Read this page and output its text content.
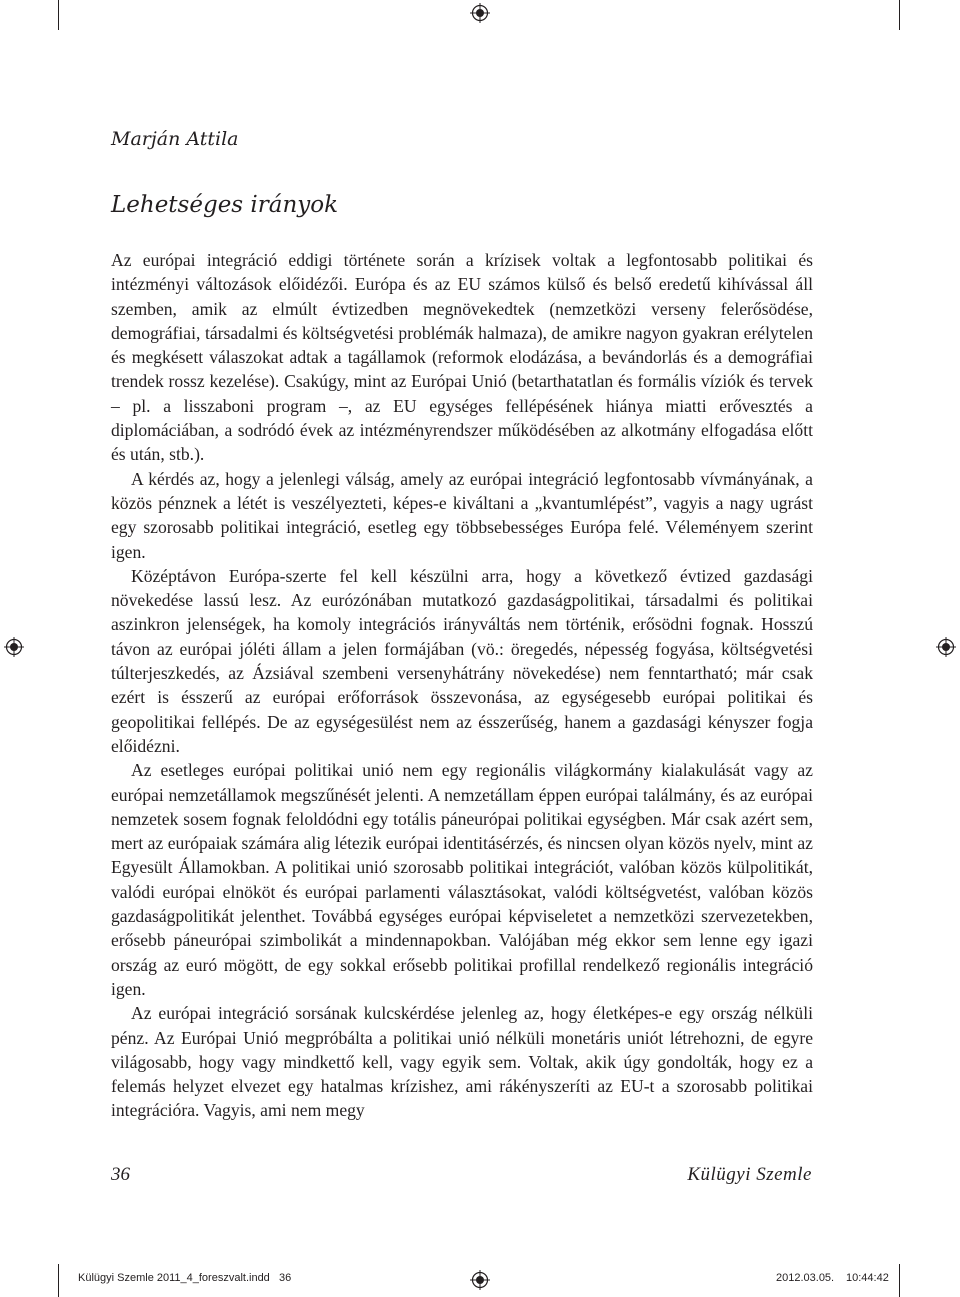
Marján Attila
Lehetséges irányok

Az európai integráció eddigi története során a krízisek voltak a legfontosabb politikai és intézményi változások előidézői. Európa és az EU számos külső és belső eredetű kihívással áll szemben, amik az elmúlt évtizedben megnövekedtek (nemzetközi verseny felerősödése, demográfiai, társadalmi és költségvetési problémák halmaza), de amikre nagyon gyakran erélytelen és megkésett válaszokat adtak a tagállamok (reformok elodázása, a bevándorlás és a demográfiai trendek rossz kezelése). Csakúgy, mint az Európai Unió (betarthatatlan és formális víziók és tervek – pl. a lisszaboni program –, az EU egységes fellépésének hiánya miatti erővesztés a diplomáciában, a sodródó évek az intézményrendszer működésében az alkotmány elfogadása előtt és után, stb.).

A kérdés az, hogy a jelenlegi válság, amely az európai integráció legfontosabb vívmányának, a közös pénznek a létét is veszélyezteti, képes-e kiváltani a „kvantumlépést”, vagyis a nagy ugrást egy szorosabb politikai integráció, esetleg egy többsebességes Európa felé. Véleményem szerint igen.

Középtávon Európa-szerte fel kell készülni arra, hogy a következő évtized gazdasági növekedése lassú lesz. Az eurózónában mutatkozó gazdaságpolitikai, társadalmi és politikai aszinkron jelenségek, ha komoly integrációs irányváltás nem történik, erősödni fognak. Hosszú távon az európai jóléti állam a jelen formájában (vö.: öregedés, népesség fogyása, költségvetési túlterjeszkedés, az Ázsiával szembeni versenyhátrány növekedése) nem fenntartható; már csak ezért is ésszerű az európai erőforrások összevonása, az egységesebb európai politikai és geopolitikai fellépés. De az egységesülést nem az ésszerűség, hanem a gazdasági kényszer fogja előidézni.

Az esetleges európai politikai unió nem egy regionális világkormány kialakulását vagy az európai nemzetállamok megszűnését jelenti. A nemzetállam éppen európai találmány, és az európai nemzetek sosem fognak feloldódni egy totális páneurópai politikai egységben. Már csak azért sem, mert az európaiak számára alig létezik európai identitásérzés, és nincsen olyan közös nyelv, mint az Egyesült Államokban. A politikai unió szorosabb politikai integrációt, valóban közös külpolitikát, valódi európai elnököt és európai parlamenti választásokat, valódi költségvetést, valóban közös gazdaságpolitikát jelenthet. Továbbá egységes európai képviseletet a nemzetközi szervezetekben, erősebb páneurópai szimbolikát a mindennapokban. Valójában még ekkor sem lenne egy igazi ország az euró mögött, de egy sokkal erősebb politikai profillal rendelkező regionális integráció igen.

Az európai integráció sorsának kulcskérdése jelenleg az, hogy életképes-e egy ország nélküli pénz. Az Európai Unió megpróbálta a politikai unió nélküli monetáris uniót létrehozni, de egyre világosabb, hogy vagy mindkettő kell, vagy egyik sem. Voltak, akik úgy gondolták, hogy ez a felemás helyzet elvezet egy hatalmas krízishez, ami rákényszeríti az EU-t a szorosabb politikai integrációra. Vagyis, ami nem megy

36	Külügyi Szemle
Külügyi Szemle 2011_4_foreszvalt.indd   36	2012.03.05. 10:44:42
